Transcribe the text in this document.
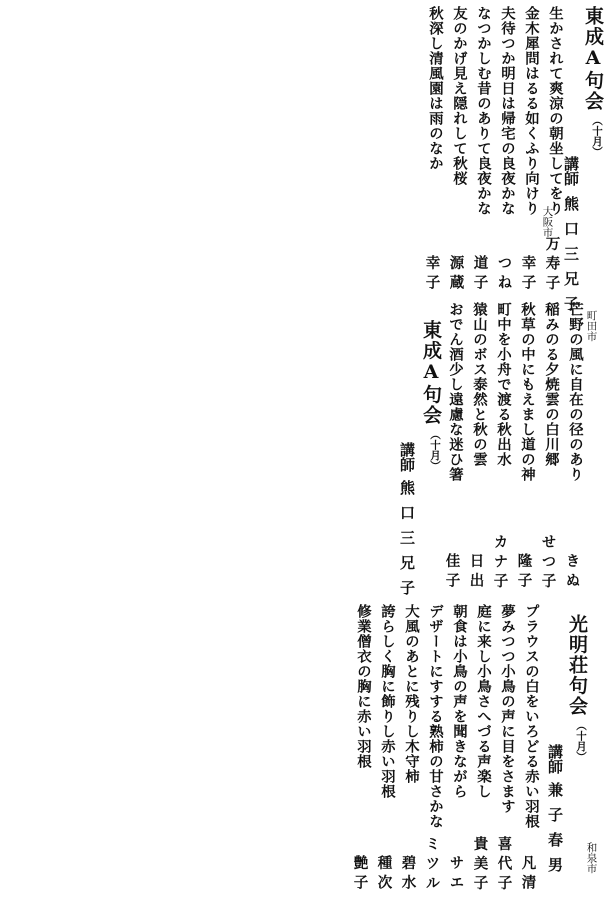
東成A句会
（十月）
講師
熊口三兄子
大阪市
生かされて爽涼の朝坐してをり
万寿子
金木犀問はるる如くふり向けり
幸子
夫待つか明日は帰宅の良夜かな
つね
なつかしむ昔のありて良夜かな
道子
友のかげ見え隠れして秋桜
源蔵
秋深し清風園は雨のなか
幸子
芒野の風に自在の径のあり
きぬ
稲みのる夕焼雲の白川郷
せつ子
秋草の中にもえまし道の神
隆子
町中を小舟で渡る秋出水
カナ子
猿山のボス泰然と秋の雲
日出
おでん酒少し遠慮な迷ひ箸
佳子
町田市
東成A句会
（十月）
講師
熊口三兄子
光明荘句会
（十月）
講師
兼子春男
プラウスの白をいろどる赤い羽根
凡清
夢みつつ小鳥の声に目をさます
喜代子
庭に来し小鳥さへづる声楽し
貴美子
朝食は小鳥の声を聞きながら
サエ
デザートにすする熟柿の甘さかな
ミツル
大風のあとに残りし木守柿
碧水
誇らしく胸に飾りし赤い羽根
種次
修業僧衣の胸に赤い羽根
艶子	和泉市
